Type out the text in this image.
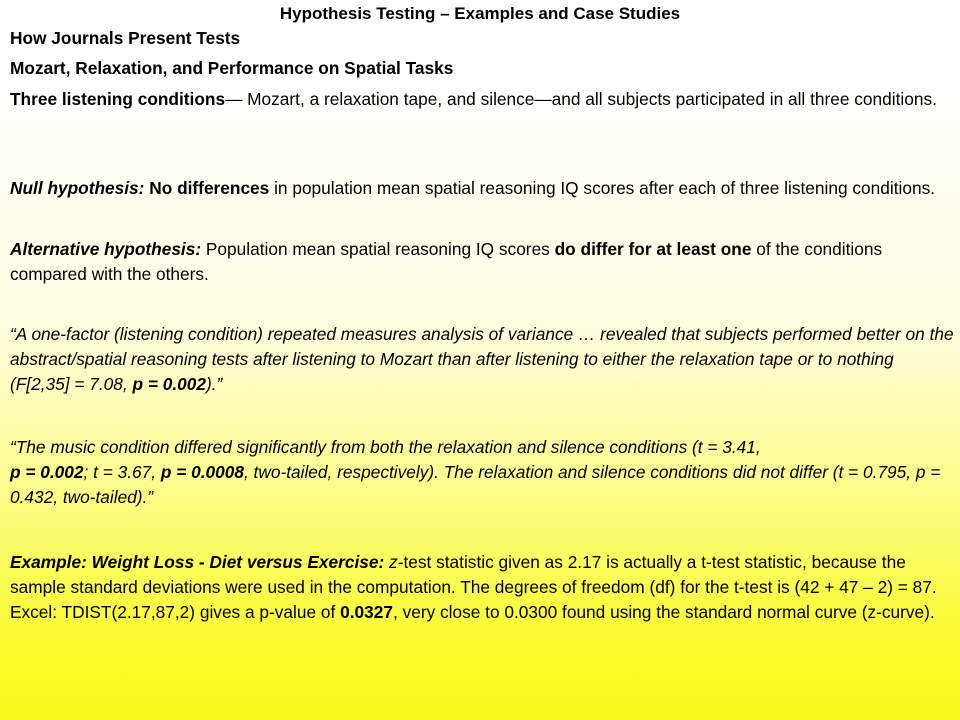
Hypothesis Testing – Examples and Case Studies

How Journals Present Tests

Mozart, Relaxation, and Performance on Spatial Tasks

Three listening conditions— Mozart, a relaxation tape, and silence—and all subjects participated in all three conditions.

Null hypothesis: No differences in population mean spatial reasoning IQ scores after each of three listening conditions.

Alternative hypothesis: Population mean spatial reasoning IQ scores do differ for at least one of the conditions compared with the others.

“A one-factor (listening condition) repeated measures analysis of variance … revealed that subjects performed better on the abstract/spatial reasoning tests after listening to Mozart than after listening to either the relaxation tape or to nothing (F[2,35] = 7.08, p = 0.002).”

“The music condition differed significantly from both the relaxation and silence conditions (t = 3.41,
p = 0.002; t = 3.67, p = 0.0008, two-tailed, respectively). The relaxation and silence conditions did not differ (t = 0.795, p = 0.432, two-tailed).”

Example: Weight Loss - Diet versus Exercise: z-test statistic given as 2.17 is actually a t-test statistic, because the sample standard deviations were used in the computation. The degrees of freedom (df) for the t-test is (42 + 47 – 2) = 87. Excel: TDIST(2.17,87,2) gives a p-value of 0.0327, very close to 0.0300 found using the standard normal curve (z-curve).
